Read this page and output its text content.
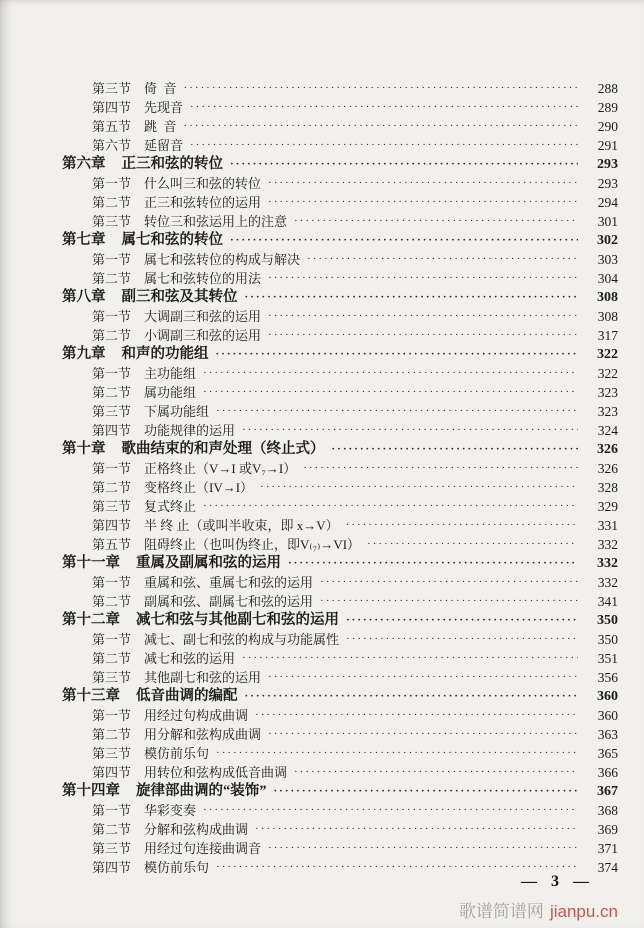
第三节 倚  音 ·····	288
第四节 先现音 ·····	289
第五节 跳  音 ·····	290
第六节 延留音 ·····	291
第六章 正三和弦的转位 ·····	293
第一节 什么叫三和弦的转位 ·····	293
第二节 正三和弦转位的运用 ·····	294
第三节 转位三和弦运用上的注意 ·····	301
第七章 属七和弦的转位 ·····	302
第一节 属七和弦转位的构成与解决 ·····	303
第二节 属七和弦转位的用法 ·····	304
第八章 副三和弦及其转位 ·····	308
第一节 大调副三和弦的运用 ·····	308
第二节 小调副三和弦的运用 ·····	317
第九章 和声的功能组 ·····	322
第一节 主功能组 ·····	322
第二节 属功能组 ·····	323
第三节 下属功能组 ·····	323
第四节 功能规律的运用 ·····	324
第十章 歌曲结束的和声处理（终止式） ·····	326
第一节 正格终止（V→I 或V₇→I） ·····	326
第二节 变格终止（IV→I） ·····	328
第三节 复式终止 ·····	329
第四节 半 终 止（或叫半收束，即 x→V） ·····	331
第五节 阻碍终止（也叫伪终止，即V₍₇₎→VI） ·····	332
第十一章 重属及副属和弦的运用 ·····	332
第一节 重属和弦、重属七和弦的运用 ·····	332
第二节 副属和弦、副属七和弦的运用 ·····	341
第十二章 减七和弦与其他副七和弦的运用 ·····	350
第一节 减七、副七和弦的构成与功能属性 ·····	350
第二节 减七和弦的运用 ·····	351
第三节 其他副七和弦的运用 ·····	356
第十三章 低音曲调的编配 ·····	360
第一节 用经过句构成曲调 ·····	360
第二节 用分解和弦构成曲调 ·····	363
第三节 模仿前乐句 ·····	365
第四节 用转位和弦构成低音曲调 ·····	366
第十四章 旋律部曲调的“装饰” ·····	367
第一节 华彩变奏 ·····	368
第二节 分解和弦构成曲调 ·····	369
第三节 用经过句连接曲调音 ·····	371
第四节 模仿前乐句 ·····	374
— 3 —
歌谱简谱网 jianpu.cn
